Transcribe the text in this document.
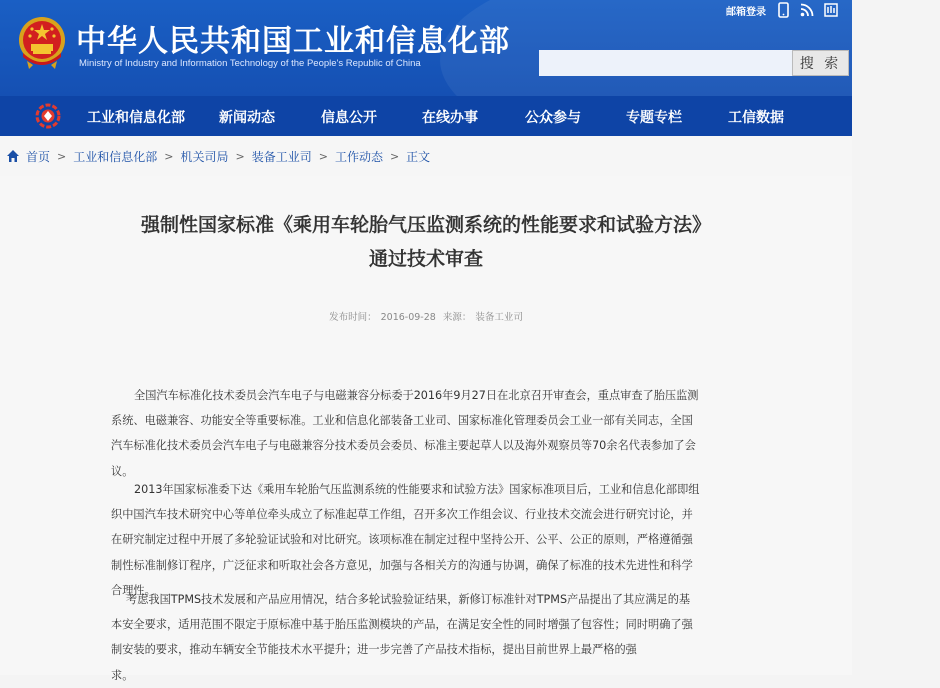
中华人民共和国工业和信息化部
Ministry of Industry and Information Technology of the People's Republic of China
邮箱登录
搜 索
工业和信息化部 新闻动态	信息公开	在线办事	公众参与	专题专栏	工信数据
首页 > 工业和信息化部 > 机关司局 > 装备工业司 > 工作动态 > 正文
强制性国家标准《乘用车轮胎气压监测系统的性能要求和试验方法》
通过技术审查
发布时间： 2016-09-28 来源： 装备工业司
全国汽车标准化技术委员会汽车电子与电磁兼容分标委于2016年9月27日在北京召开审查会，重点审查了胎压监测
系统、电磁兼容、功能安全等重要标准。工业和信息化部装备工业司、国家标准化管理委员会工业一部有关同志，全国
汽车标准化技术委员会汽车电子与电磁兼容分技术委员会委员、标准主要起草人以及海外观察员等70余名代表参加了会
议。
2013年国家标准委下达《乘用车轮胎气压监测系统的性能要求和试验方法》国家标准项目后，工业和信息化部即组
织中国汽车技术研究中心等单位牵头成立了标准起草工作组，召开多次工作组会议、行业技术交流会进行研究讨论，并
在研究制定过程中开展了多轮验证试验和对比研究。该项标准在制定过程中坚持公开、公平、公正的原则，严格遵循强
制性标准制修订程序，广泛征求和听取社会各方意见，加强与各相关方的沟通与协调，确保了标准的技术先进性和科学
合理性。
考虑我国TPMS技术发展和产品应用情况，结合多轮试验验证结果，新修订标准针对TPMS产品提出了其应满足的基
本安全要求，适用范围不限定于原标准中基于胎压监测模块的产品，在满足安全性的同时增强了包容性；同时明确了强
制安装的要求，推动车辆安全节能技术水平提升；进一步完善了产品技术指标，提出目前世界上最严格的强
求。
